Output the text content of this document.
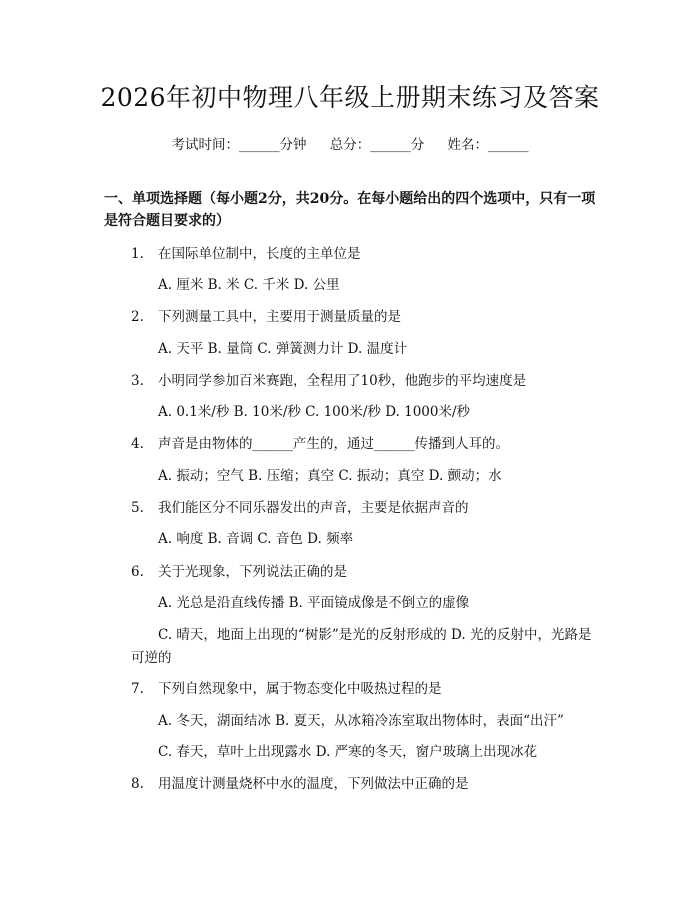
2026年初中物理八年级上册期末练习及答案
考试时间：______分钟 总分：______分 姓名：______
一、单项选择题（每小题2分，共20分。在每小题给出的四个选项中，只有一项是符合题目要求的）
1. 在国际单位制中，长度的主单位是
A. 厘米 B. 米 C. 千米 D. 公里
2. 下列测量工具中，主要用于测量质量的是
A. 天平 B. 量筒 C. 弹簧测力计 D. 温度计
3. 小明同学参加百米赛跑，全程用了10秒，他跑步的平均速度是
A. 0.1米/秒 B. 10米/秒 C. 100米/秒 D. 1000米/秒
4. 声音是由物体的______产生的，通过______传播到人耳的。
A. 振动；空气 B. 压缩；真空 C. 振动；真空 D. 颤动；水
5. 我们能区分不同乐器发出的声音，主要是依据声音的
A. 响度 B. 音调 C. 音色 D. 频率
6. 关于光现象，下列说法正确的是
A. 光总是沿直线传播 B. 平面镜成像是不倒立的虚像
C. 晴天，地面上出现的“树影”是光的反射形成的 D. 光的反射中，光路是可逆的
7. 下列自然现象中，属于物态变化中吸热过程的是
A. 冬天，湖面结冰 B. 夏天，从冰箱冷冻室取出物体时，表面“出汗”
C. 春天，草叶上出现露水 D. 严寒的冬天，窗户玻璃上出现冰花
8. 用温度计测量烧杯中水的温度，下列做法中正确的是
